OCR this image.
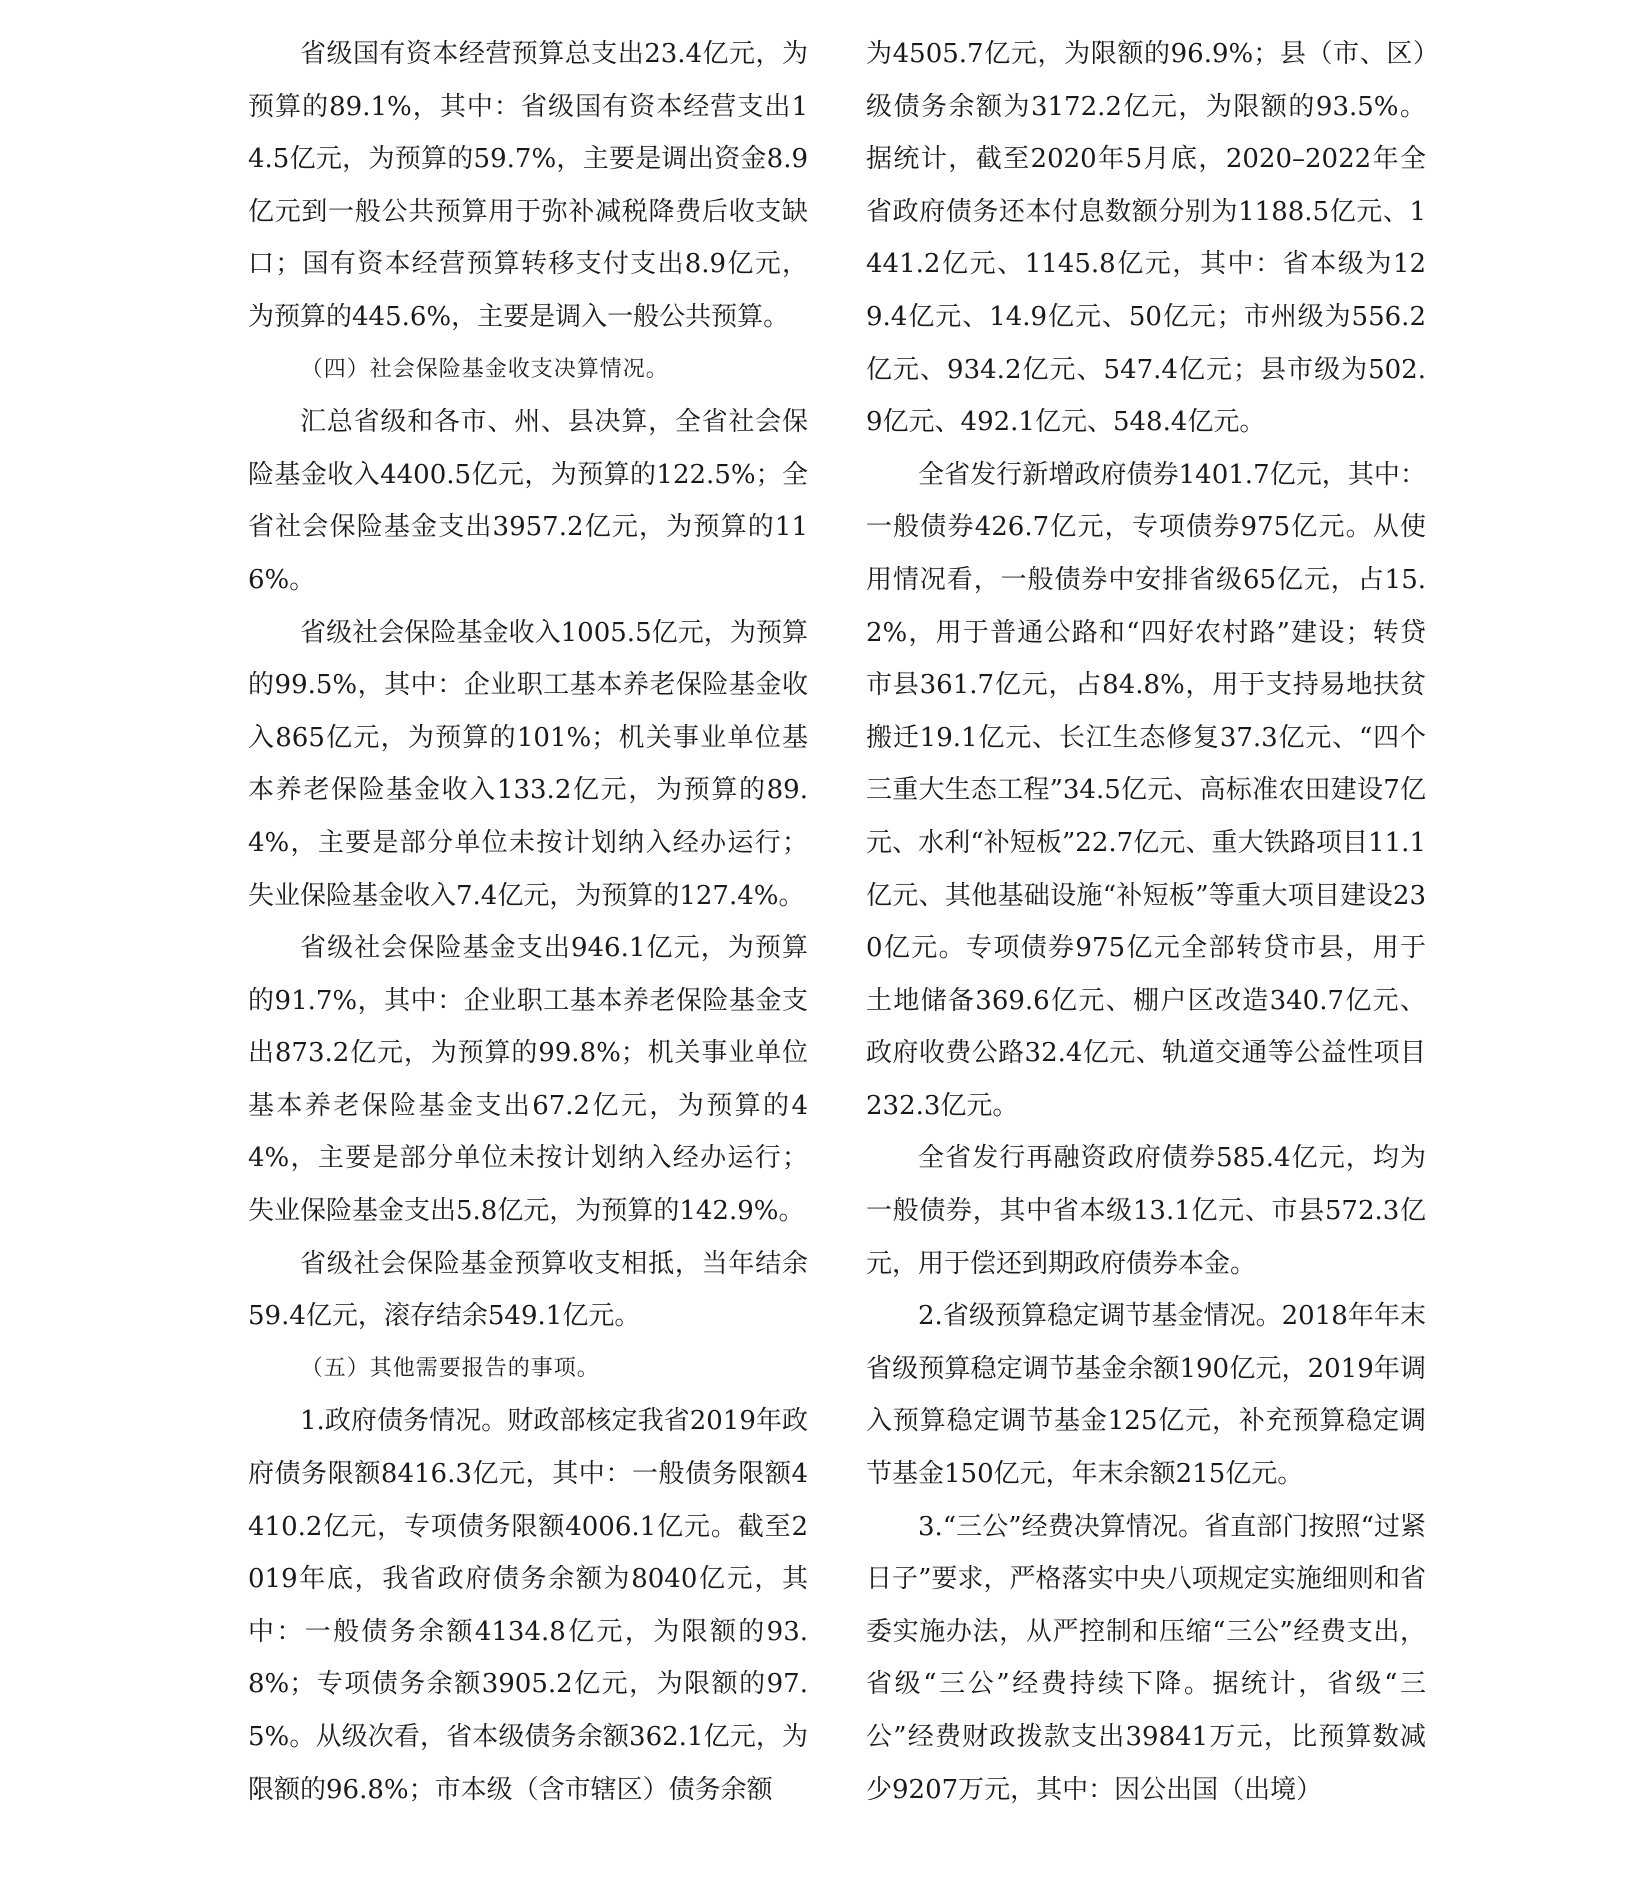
省级国有资本经营预算总支出23.4亿元，为预算的89.1%，其中：省级国有资本经营支出14.5亿元，为预算的59.7%，主要是调出资金8.9亿元到一般公共预算用于弥补减税降费后收支缺口；国有资本经营预算转移支付支出8.9亿元，为预算的445.6%，主要是调入一般公共预算。

（四）社会保险基金收支决算情况。

汇总省级和各市、州、县决算，全省社会保险基金收入4400.5亿元，为预算的122.5%；全省社会保险基金支出3957.2亿元，为预算的116%。

省级社会保险基金收入1005.5亿元，为预算的99.5%，其中：企业职工基本养老保险基金收入865亿元，为预算的101%；机关事业单位基本养老保险基金收入133.2亿元，为预算的89.4%，主要是部分单位未按计划纳入经办运行；失业保险基金收入7.4亿元，为预算的127.4%。

省级社会保险基金支出946.1亿元，为预算的91.7%，其中：企业职工基本养老保险基金支出873.2亿元，为预算的99.8%；机关事业单位基本养老保险基金支出67.2亿元，为预算的44%，主要是部分单位未按计划纳入经办运行；失业保险基金支出5.8亿元，为预算的142.9%。

省级社会保险基金预算收支相抵，当年结余59.4亿元，滚存结余549.1亿元。

（五）其他需要报告的事项。

1.政府债务情况。财政部核定我省2019年政府债务限额8416.3亿元，其中：一般债务限额4410.2亿元，专项债务限额4006.1亿元。截至2019年底，我省政府债务余额为8040亿元，其中：一般债务余额4134.8亿元，为限额的93.8%；专项债务余额3905.2亿元，为限额的97.5%。从级次看，省本级债务余额362.1亿元，为限额的96.8%；市本级（含市辖区）债务余额

为4505.7亿元，为限额的96.9%；县（市、区）级债务余额为3172.2亿元，为限额的93.5%。据统计，截至2020年5月底，2020–2022年全省政府债务还本付息数额分别为1188.5亿元、1441.2亿元、1145.8亿元，其中：省本级为129.4亿元、14.9亿元、50亿元；市州级为556.2亿元、934.2亿元、547.4亿元；县市级为502.9亿元、492.1亿元、548.4亿元。

全省发行新增政府债券1401.7亿元，其中：一般债券426.7亿元，专项债券975亿元。从使用情况看，一般债券中安排省级65亿元，占15.2%，用于普通公路和“四好农村路”建设；转贷市县361.7亿元，占84.8%，用于支持易地扶贫搬迁19.1亿元、长江生态修复37.3亿元、“四个三重大生态工程”34.5亿元、高标准农田建设7亿元、水利“补短板”22.7亿元、重大铁路项目11.1亿元、其他基础设施“补短板”等重大项目建设230亿元。专项债券975亿元全部转贷市县，用于土地储备369.6亿元、棚户区改造340.7亿元、政府收费公路32.4亿元、轨道交通等公益性项目232.3亿元。

全省发行再融资政府债券585.4亿元，均为一般债券，其中省本级13.1亿元、市县572.3亿元，用于偿还到期政府债券本金。

2.省级预算稳定调节基金情况。2018年年末省级预算稳定调节基金余额190亿元，2019年调入预算稳定调节基金125亿元，补充预算稳定调节基金150亿元，年末余额215亿元。

3.“三公”经费决算情况。省直部门按照“过紧日子”要求，严格落实中央八项规定实施细则和省委实施办法，从严控制和压缩“三公”经费支出，省级“三公”经费持续下降。据统计，省级“三公”经费财政拨款支出39841万元，比预算数减少9207万元，其中：因公出国（出境）
